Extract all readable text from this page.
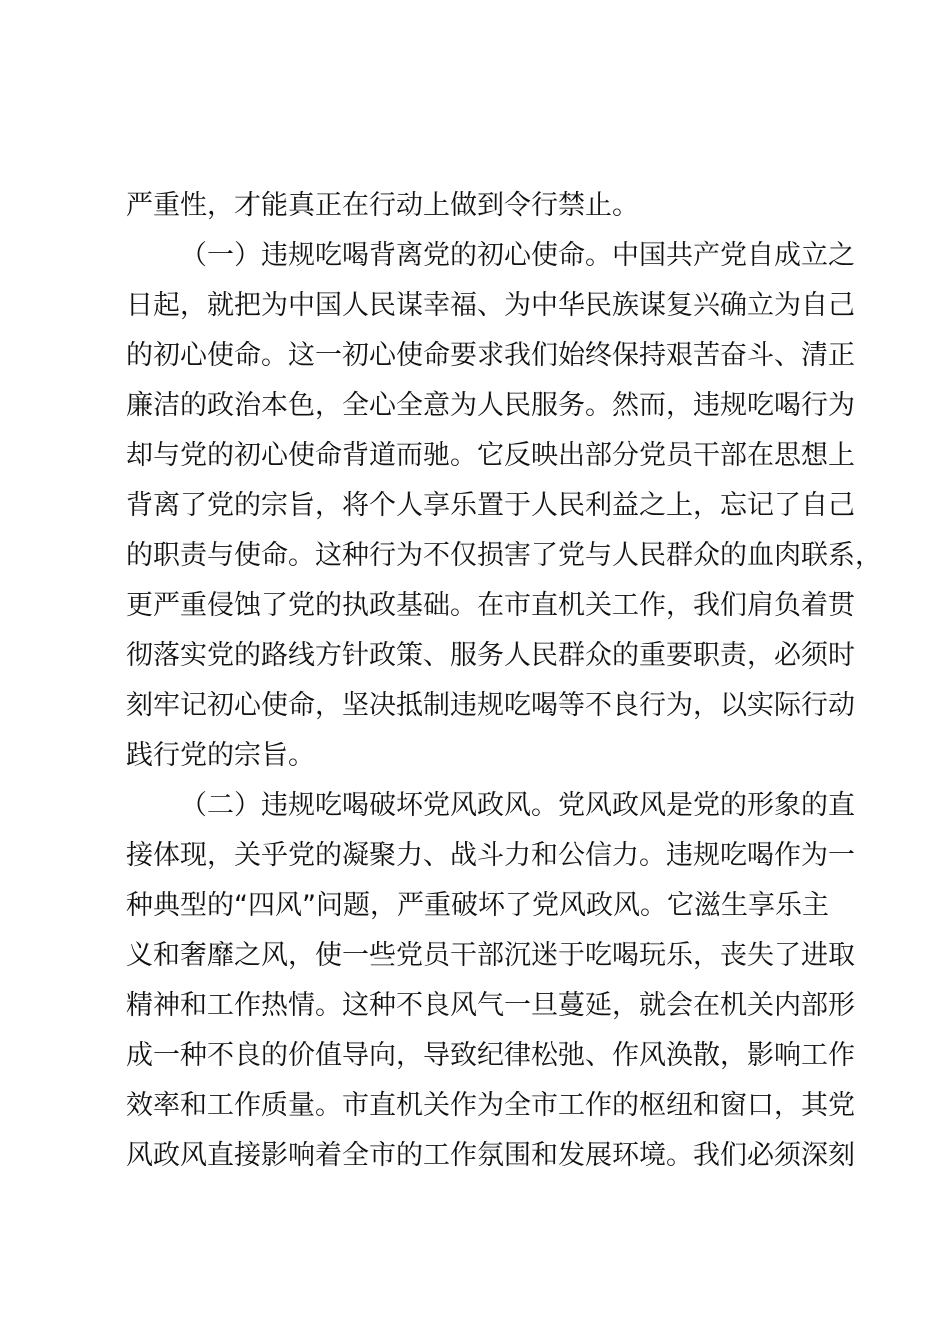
严重性，才能真正在行动上做到令行禁止。
（一）违规吃喝背离党的初心使命。中国共产党自成立之
日起，就把为中国人民谋幸福、为中华民族谋复兴确立为自己
的初心使命。这一初心使命要求我们始终保持艰苦奋斗、清正
廉洁的政治本色，全心全意为人民服务。然而，违规吃喝行为
却与党的初心使命背道而驰。它反映出部分党员干部在思想上
背离了党的宗旨，将个人享乐置于人民利益之上，忘记了自己
的职责与使命。这种行为不仅损害了党与人民群众的血肉联系，
更严重侵蚀了党的执政基础。在市直机关工作，我们肩负着贯
彻落实党的路线方针政策、服务人民群众的重要职责，必须时
刻牢记初心使命，坚决抵制违规吃喝等不良行为，以实际行动
践行党的宗旨。
（二）违规吃喝破坏党风政风。党风政风是党的形象的直
接体现，关乎党的凝聚力、战斗力和公信力。违规吃喝作为一
种典型的“四风”问题，严重破坏了党风政风。它滋生享乐主
义和奢靡之风，使一些党员干部沉迷于吃喝玩乐，丧失了进取
精神和工作热情。这种不良风气一旦蔓延，就会在机关内部形
成一种不良的价值导向，导致纪律松弛、作风涣散，影响工作
效率和工作质量。市直机关作为全市工作的枢纽和窗口，其党
风政风直接影响着全市的工作氛围和发展环境。我们必须深刻
